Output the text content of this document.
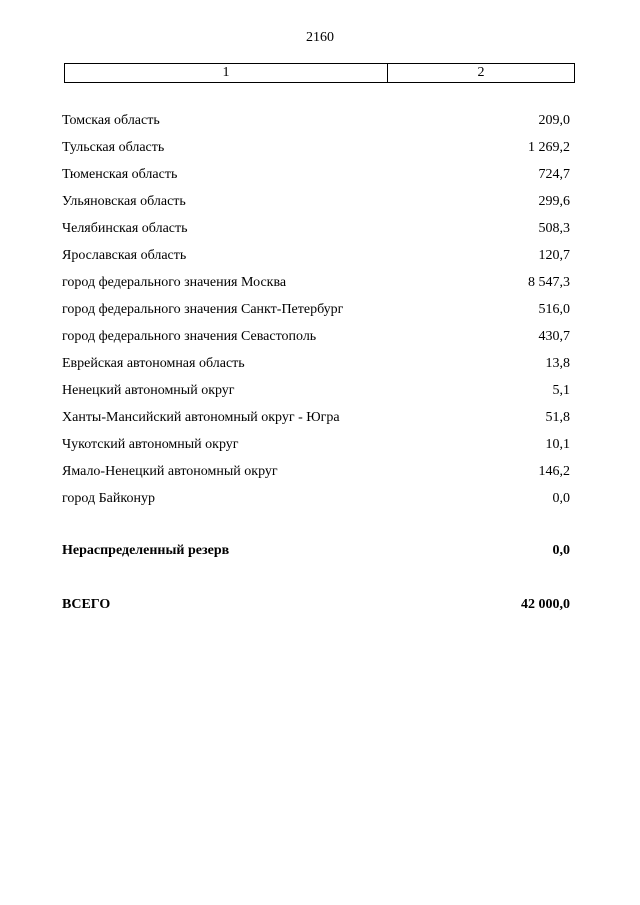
2160
1	2
Томская область	209,0
Тульская область	1 269,2
Тюменская область	724,7
Ульяновская область	299,6
Челябинская область	508,3
Ярославская область	120,7
город федерального значения Москва	8 547,3
город федерального значения Санкт-Петербург	516,0
город федерального значения Севастополь	430,7
Еврейская автономная область	13,8
Ненецкий автономный округ	5,1
Ханты-Мансийский автономный округ - Югра	51,8
Чукотский автономный округ	10,1
Ямало-Ненецкий автономный округ	146,2
город Байконур	0,0
Нераспределенный резерв	0,0
ВСЕГО	42 000,0
